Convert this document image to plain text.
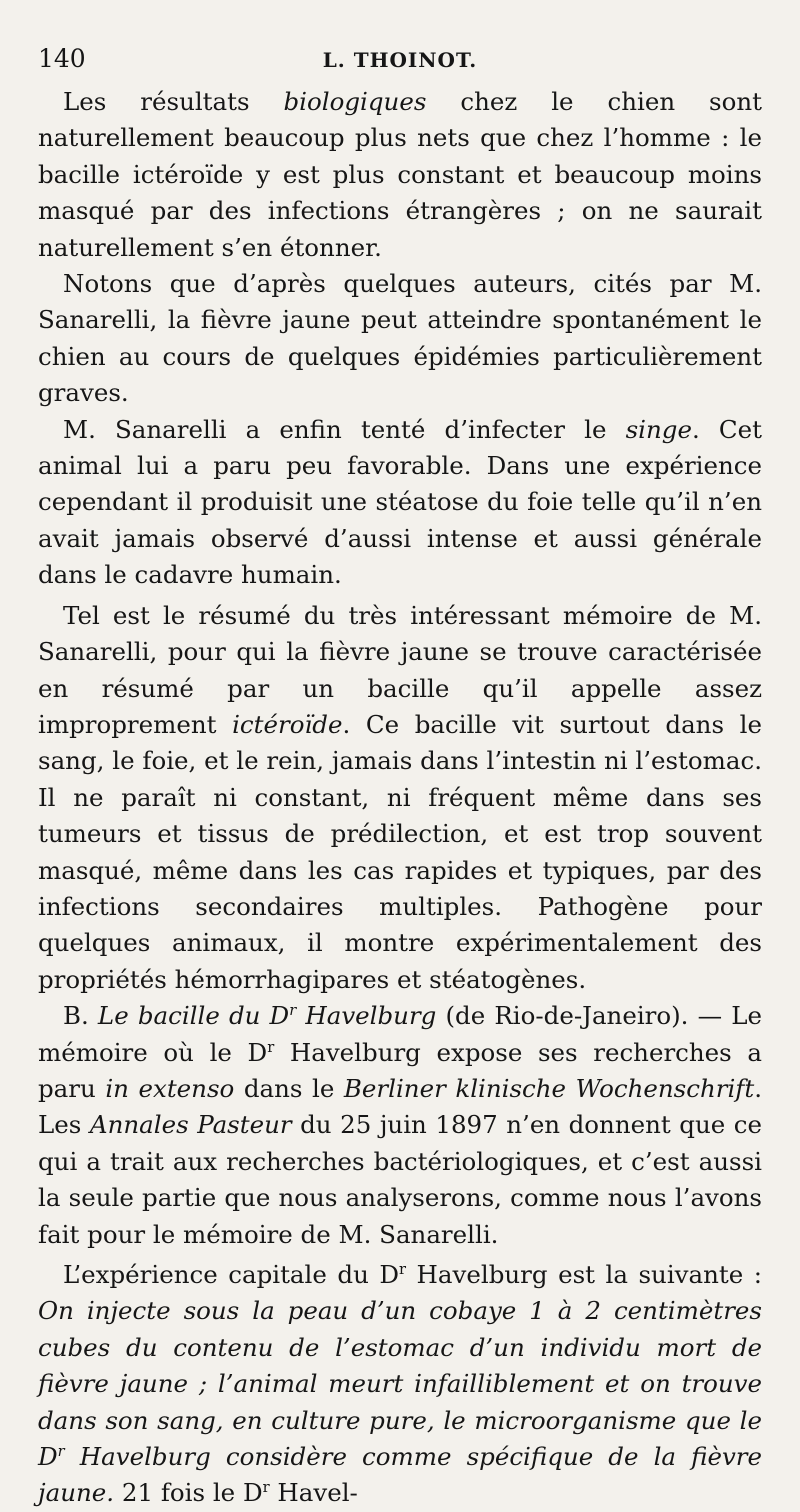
140	L. THOINOT.

Les résultats biologiques chez le chien sont naturellement beaucoup plus nets que chez l’homme : le bacille ictéroïde y est plus constant et beaucoup moins masqué par des infections étrangères ; on ne saurait naturellement s’en étonner.

Notons que d’après quelques auteurs, cités par M. Sanarelli, la fièvre jaune peut atteindre spontanément le chien au cours de quelques épidémies particulièrement graves.

M. Sanarelli a enfin tenté d’infecter le singe. Cet animal lui a paru peu favorable. Dans une expérience cependant il produisit une stéatose du foie telle qu’il n’en avait jamais observé d’aussi intense et aussi générale dans le cadavre humain.

Tel est le résumé du très intéressant mémoire de M. Sanarelli, pour qui la fièvre jaune se trouve caractérisée en résumé par un bacille qu’il appelle assez improprement ictéroïde. Ce bacille vit surtout dans le sang, le foie, et le rein, jamais dans l’intestin ni l’estomac. Il ne paraît ni constant, ni fréquent même dans ses tumeurs et tissus de prédilection, et est trop souvent masqué, même dans les cas rapides et typiques, par des infections secondaires multiples. Pathogène pour quelques animaux, il montre expérimentalement des propriétés hémorrhagipares et stéatogènes.

B. Le bacille du $D^r$ Havelburg (de Rio-de-Janeiro). — Le mémoire où le $D^r$ Havelburg expose ses recherches a paru in extenso dans le Berliner klinische Wochenschrift. Les Annales Pasteur du 25 juin 1897 n’en donnent que ce qui a trait aux recherches bactériologiques, et c’est aussi la seule partie que nous analyserons, comme nous l’avons fait pour le mémoire de M. Sanarelli.

L’expérience capitale du $D^r$ Havelburg est la suivante : On injecte sous la peau d’un cobaye 1 à 2 centimètres cubes du contenu de l’estomac d’un individu mort de fièvre jaune ; l’animal meurt infailliblement et on trouve dans son sang, en culture pure, le microorganisme que le $D^r$ Havelburg considère comme spécifique de la fièvre jaune. 21 fois le $D^r$ Havel-
